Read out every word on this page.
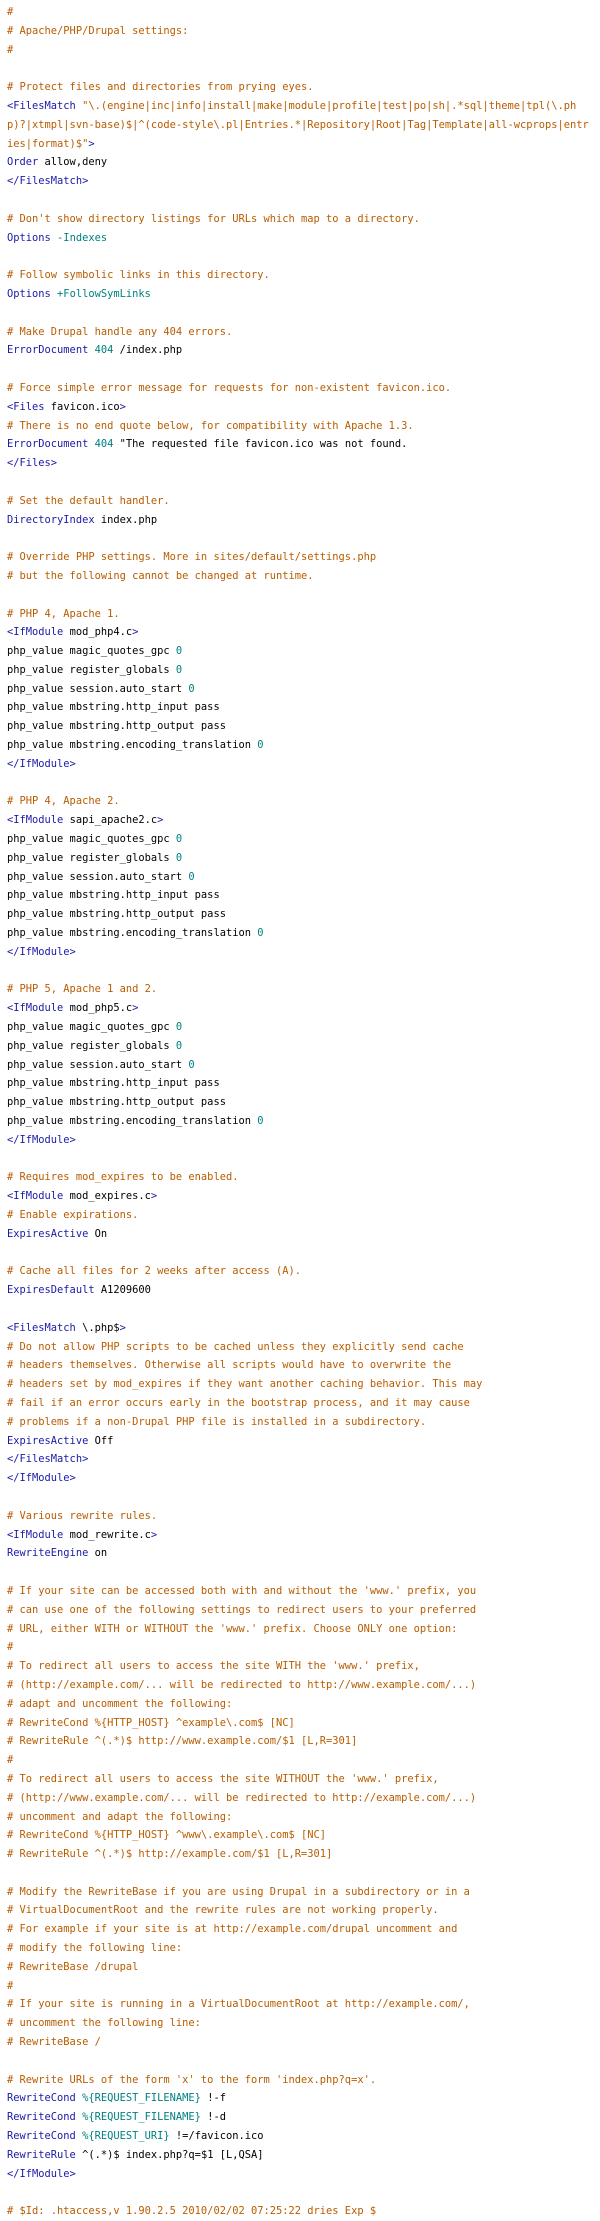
#
# Apache/PHP/Drupal settings:
#

# Protect files and directories from prying eyes.
<FilesMatch "\.(engine|inc|info|install|make|module|profile|test|po|sh|.*sql|theme|tpl(\.php)?|xtmpl|svn-base)$|^(code-style\.pl|Entries.*|Repository|Root|Tag|Template|all-wcprops|entries|format)$">
Order allow,deny
</FilesMatch>

# Don't show directory listings for URLs which map to a directory.
Options -Indexes

# Follow symbolic links in this directory.
Options +FollowSymLinks

# Make Drupal handle any 404 errors.
ErrorDocument 404 /index.php

# Force simple error message for requests for non-existent favicon.ico.
<Files favicon.ico>
# There is no end quote below, for compatibility with Apache 1.3.
ErrorDocument 404 "The requested file favicon.ico was not found.
</Files>

# Set the default handler.
DirectoryIndex index.php

# Override PHP settings. More in sites/default/settings.php
# but the following cannot be changed at runtime.

# PHP 4, Apache 1.
<IfModule mod_php4.c>
php_value magic_quotes_gpc 0
php_value register_globals 0
php_value session.auto_start 0
php_value mbstring.http_input pass
php_value mbstring.http_output pass
php_value mbstring.encoding_translation 0
</IfModule>

# PHP 4, Apache 2.
<IfModule sapi_apache2.c>
php_value magic_quotes_gpc 0
php_value register_globals 0
php_value session.auto_start 0
php_value mbstring.http_input pass
php_value mbstring.http_output pass
php_value mbstring.encoding_translation 0
</IfModule>

# PHP 5, Apache 1 and 2.
<IfModule mod_php5.c>
php_value magic_quotes_gpc 0
php_value register_globals 0
php_value session.auto_start 0
php_value mbstring.http_input pass
php_value mbstring.http_output pass
php_value mbstring.encoding_translation 0
</IfModule>

# Requires mod_expires to be enabled.
<IfModule mod_expires.c>
# Enable expirations.
ExpiresActive On

# Cache all files for 2 weeks after access (A).
ExpiresDefault A1209600

<FilesMatch \.php$>
# Do not allow PHP scripts to be cached unless they explicitly send cache
# headers themselves. Otherwise all scripts would have to overwrite the
# headers set by mod_expires if they want another caching behavior. This may
# fail if an error occurs early in the bootstrap process, and it may cause
# problems if a non-Drupal PHP file is installed in a subdirectory.
ExpiresActive Off
</FilesMatch>
</IfModule>

# Various rewrite rules.
<IfModule mod_rewrite.c>
RewriteEngine on

# If your site can be accessed both with and without the 'www.' prefix, you
# can use one of the following settings to redirect users to your preferred
# URL, either WITH or WITHOUT the 'www.' prefix. Choose ONLY one option:
#
# To redirect all users to access the site WITH the 'www.' prefix,
# (http://example.com/... will be redirected to http://www.example.com/...)
# adapt and uncomment the following:
# RewriteCond %{HTTP_HOST} ^example\.com$ [NC]
# RewriteRule ^(.*)$ http://www.example.com/$1 [L,R=301]
#
# To redirect all users to access the site WITHOUT the 'www.' prefix,
# (http://www.example.com/... will be redirected to http://example.com/...)
# uncomment and adapt the following:
# RewriteCond %{HTTP_HOST} ^www\.example\.com$ [NC]
# RewriteRule ^(.*)$ http://example.com/$1 [L,R=301]

# Modify the RewriteBase if you are using Drupal in a subdirectory or in a
# VirtualDocumentRoot and the rewrite rules are not working properly.
# For example if your site is at http://example.com/drupal uncomment and
# modify the following line:
# RewriteBase /drupal
#
# If your site is running in a VirtualDocumentRoot at http://example.com/,
# uncomment the following line:
# RewriteBase /

# Rewrite URLs of the form 'x' to the form 'index.php?q=x'.
RewriteCond %{REQUEST_FILENAME} !-f
RewriteCond %{REQUEST_FILENAME} !-d
RewriteCond %{REQUEST_URI} !=/favicon.ico
RewriteRule ^(.*)$ index.php?q=$1 [L,QSA]
</IfModule>

# $Id: .htaccess,v 1.90.2.5 2010/02/02 07:25:22 dries Exp $
